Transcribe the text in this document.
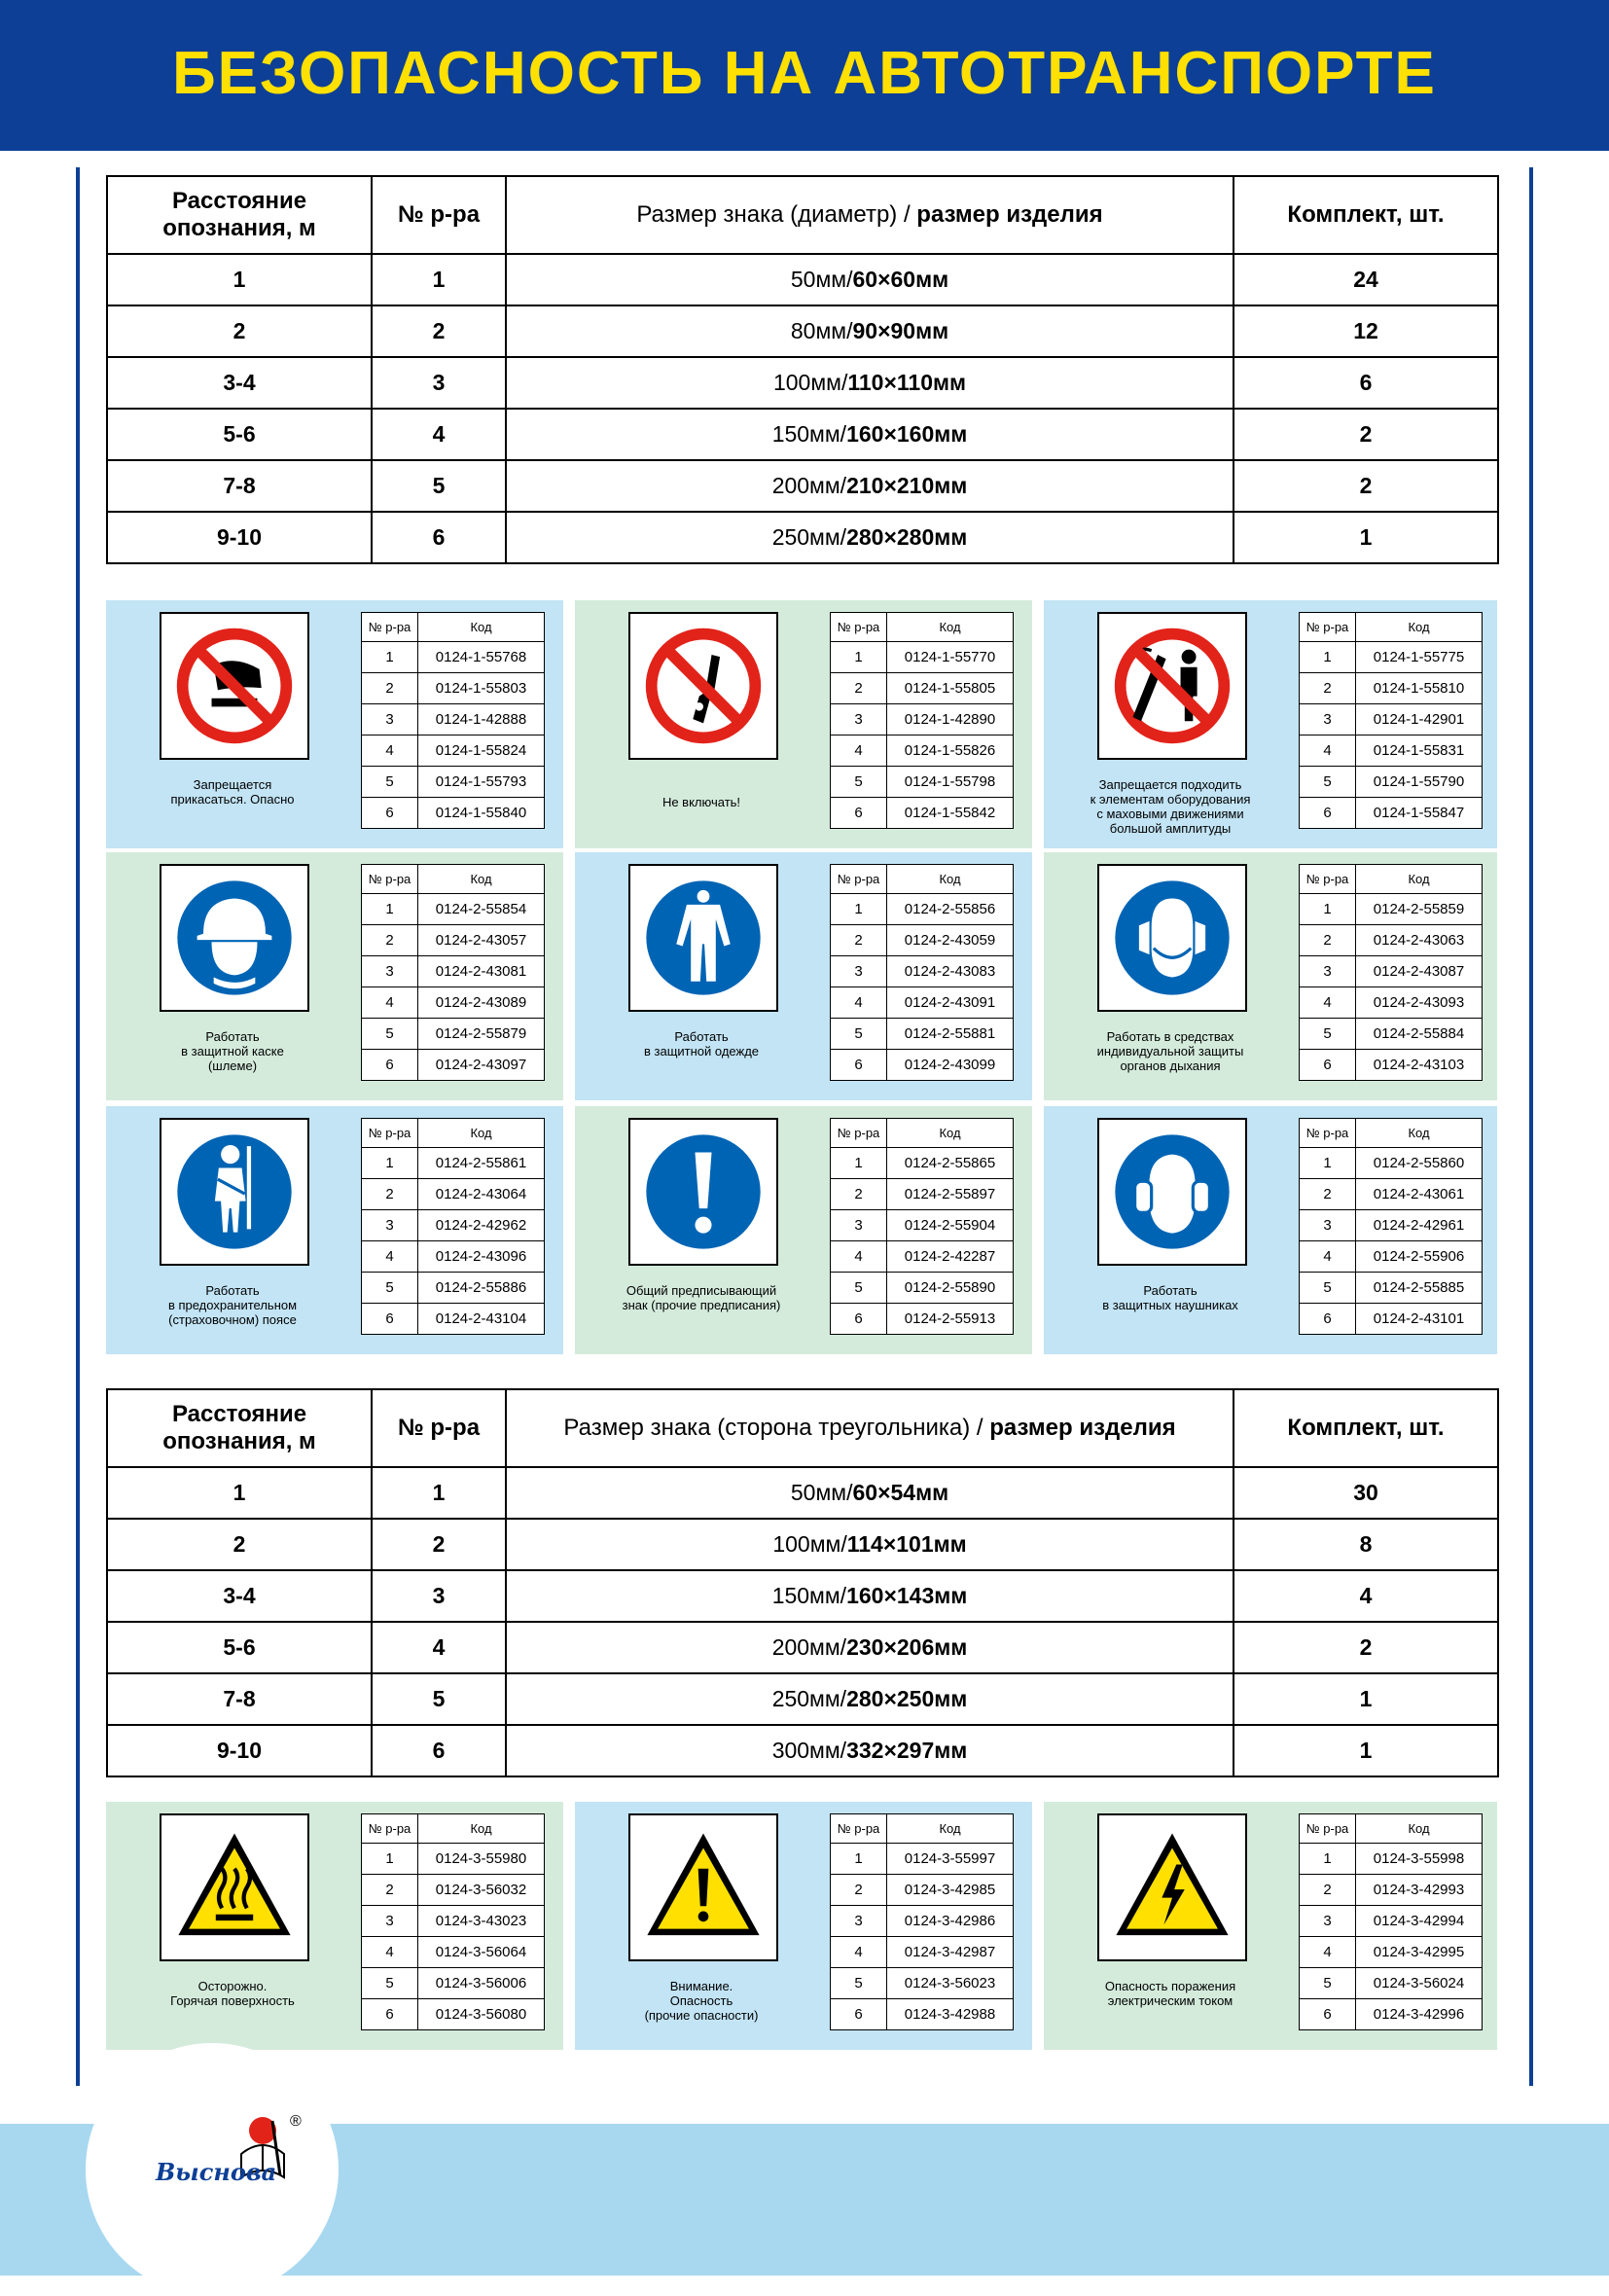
БЕЗОПАСНОСТЬ НА АВТОТРАНСПОРТЕ
Расстояние опознания, м	№ р-ра	Размер знака (диаметр) / размер изделия	Комплект, шт.
1	1	50мм/60×60мм	24
2	2	80мм/90×90мм	12
3-4	3	100мм/110×110мм	6
5-6	4	150мм/160×160мм	2
7-8	5	200мм/210×210мм	2
9-10	6	250мм/280×280мм	1
Расстояние опознания, м	№ р-ра	Размер знака (сторона треугольника) / размер изделия	Комплект, шт.
1	1	50мм/60×54мм	30
2	2	100мм/114×101мм	8
3-4	3	150мм/160×143мм	4
5-6	4	200мм/230×206мм	2
7-8	5	250мм/280×250мм	1
9-10	6	300мм/332×297мм	1
Запрещается
прикасаться. Опасно
№ р-ра	Код
1	0124-1-55768
2	0124-1-55803
3	0124-1-42888
4	0124-1-55824
5	0124-1-55793
6	0124-1-55840
Не включать!
№ р-ра	Код
1	0124-1-55770
2	0124-1-55805
3	0124-1-42890
4	0124-1-55826
5	0124-1-55798
6	0124-1-55842
Запрещается подходить
к элементам оборудования
с маховыми движениями
большой амплитуды
№ р-ра	Код
1	0124-1-55775
2	0124-1-55810
3	0124-1-42901
4	0124-1-55831
5	0124-1-55790
6	0124-1-55847
Работать
в защитной каске
(шлеме)
№ р-ра	Код
1	0124-2-55854
2	0124-2-43057
3	0124-2-43081
4	0124-2-43089
5	0124-2-55879
6	0124-2-43097
Работать
в защитной одежде
№ р-ра	Код
1	0124-2-55856
2	0124-2-43059
3	0124-2-43083
4	0124-2-43091
5	0124-2-55881
6	0124-2-43099
Работать в средствах
индивидуальной защиты
органов дыхания
№ р-ра	Код
1	0124-2-55859
2	0124-2-43063
3	0124-2-43087
4	0124-2-43093
5	0124-2-55884
6	0124-2-43103
Работать
в предохранительном
(страховочном) поясе
№ р-ра	Код
1	0124-2-55861
2	0124-2-43064
3	0124-2-42962
4	0124-2-43096
5	0124-2-55886
6	0124-2-43104
Общий предписывающий
знак (прочие предписания)
№ р-ра	Код
1	0124-2-55865
2	0124-2-55897
3	0124-2-55904
4	0124-2-42287
5	0124-2-55890
6	0124-2-55913
Работать
в защитных наушниках
№ р-ра	Код
1	0124-2-55860
2	0124-2-43061
3	0124-2-42961
4	0124-2-55906
5	0124-2-55885
6	0124-2-43101
Осторожно.
Горячая поверхность
№ р-ра	Код
1	0124-3-55980
2	0124-3-56032
3	0124-3-43023
4	0124-3-56064
5	0124-3-56006
6	0124-3-56080
Внимание.
Опасность
(прочие опасности)
№ р-ра	Код
1	0124-3-55997
2	0124-3-42985
3	0124-3-42986
4	0124-3-42987
5	0124-3-56023
6	0124-3-42988
Опасность поражения
электрическим током
№ р-ра	Код
1	0124-3-55998
2	0124-3-42993
3	0124-3-42994
4	0124-3-42995
5	0124-3-56024
6	0124-3-42996
Выснова
®
